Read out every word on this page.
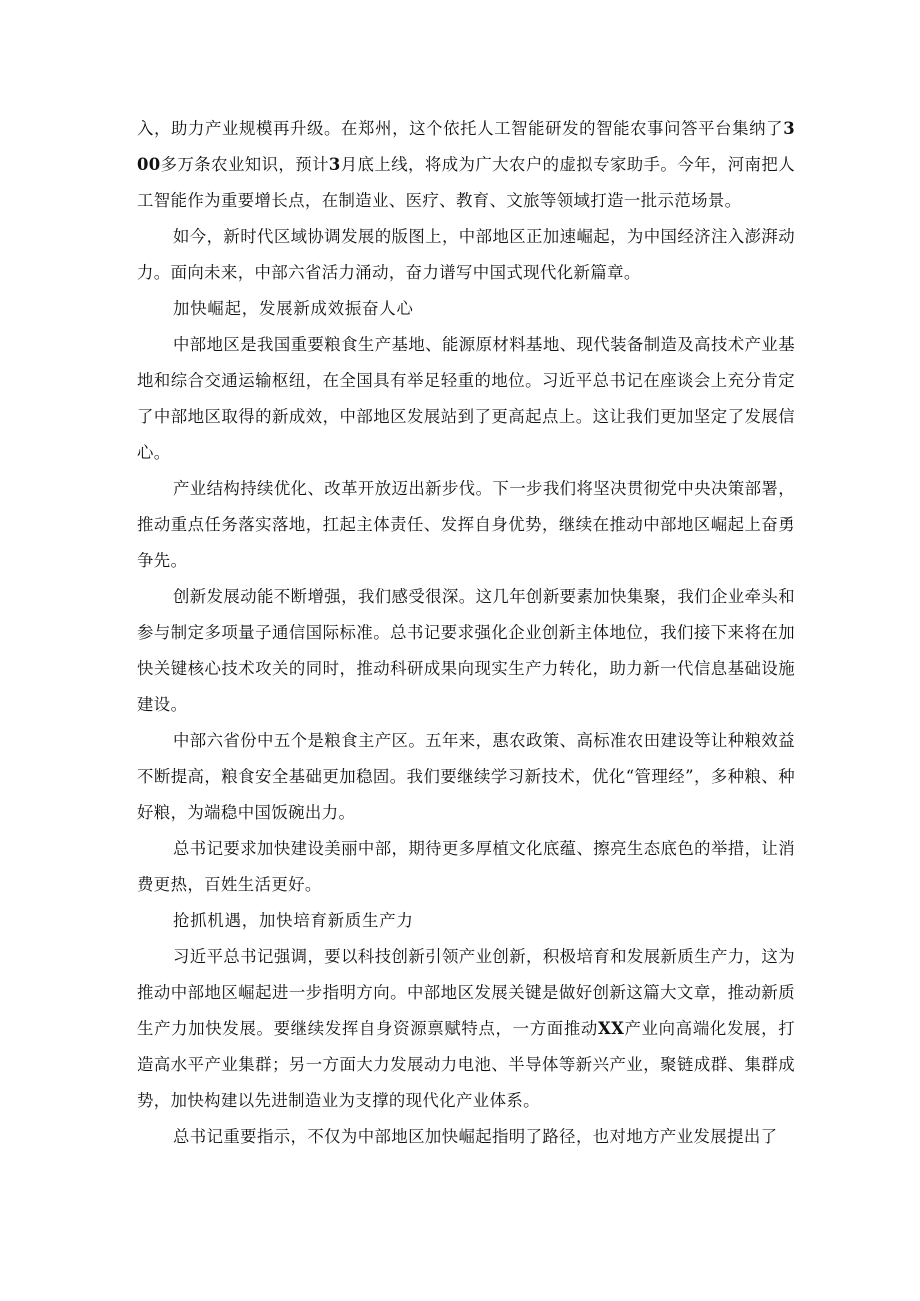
入，助力产业规模再升级。在郑州，这个依托人工智能研发的智能农事问答平台集纳了300多万条农业知识，预计3月底上线，将成为广大农户的虚拟专家助手。今年，河南把人工智能作为重要增长点，在制造业、医疗、教育、文旅等领域打造一批示范场景。

如今，新时代区域协调发展的版图上，中部地区正加速崛起，为中国经济注入澎湃动力。面向未来，中部六省活力涌动，奋力谱写中国式现代化新篇章。

加快崛起，发展新成效振奋人心

中部地区是我国重要粮食生产基地、能源原材料基地、现代装备制造及高技术产业基地和综合交通运输枢纽，在全国具有举足轻重的地位。习近平总书记在座谈会上充分肯定了中部地区取得的新成效，中部地区发展站到了更高起点上。这让我们更加坚定了发展信心。

产业结构持续优化、改革开放迈出新步伐。下一步我们将坚决贯彻党中央决策部署，推动重点任务落实落地，扛起主体责任、发挥自身优势，继续在推动中部地区崛起上奋勇争先。

创新发展动能不断增强，我们感受很深。这几年创新要素加快集聚，我们企业牵头和参与制定多项量子通信国际标准。总书记要求强化企业创新主体地位，我们接下来将在加快关键核心技术攻关的同时，推动科研成果向现实生产力转化，助力新一代信息基础设施建设。

中部六省份中五个是粮食主产区。五年来，惠农政策、高标准农田建设等让种粮效益不断提高，粮食安全基础更加稳固。我们要继续学习新技术，优化“管理经”，多种粮、种好粮，为端稳中国饭碗出力。

总书记要求加快建设美丽中部，期待更多厚植文化底蕴、擦亮生态底色的举措，让消费更热，百姓生活更好。

抢抓机遇，加快培育新质生产力

习近平总书记强调，要以科技创新引领产业创新，积极培育和发展新质生产力，这为推动中部地区崛起进一步指明方向。中部地区发展关键是做好创新这篇大文章，推动新质生产力加快发展。要继续发挥自身资源禀赋特点，一方面推动XX产业向高端化发展，打造高水平产业集群；另一方面大力发展动力电池、半导体等新兴产业，聚链成群、集群成势，加快构建以先进制造业为支撑的现代化产业体系。

总书记重要指示，不仅为中部地区加快崛起指明了路径，也对地方产业发展提出了
